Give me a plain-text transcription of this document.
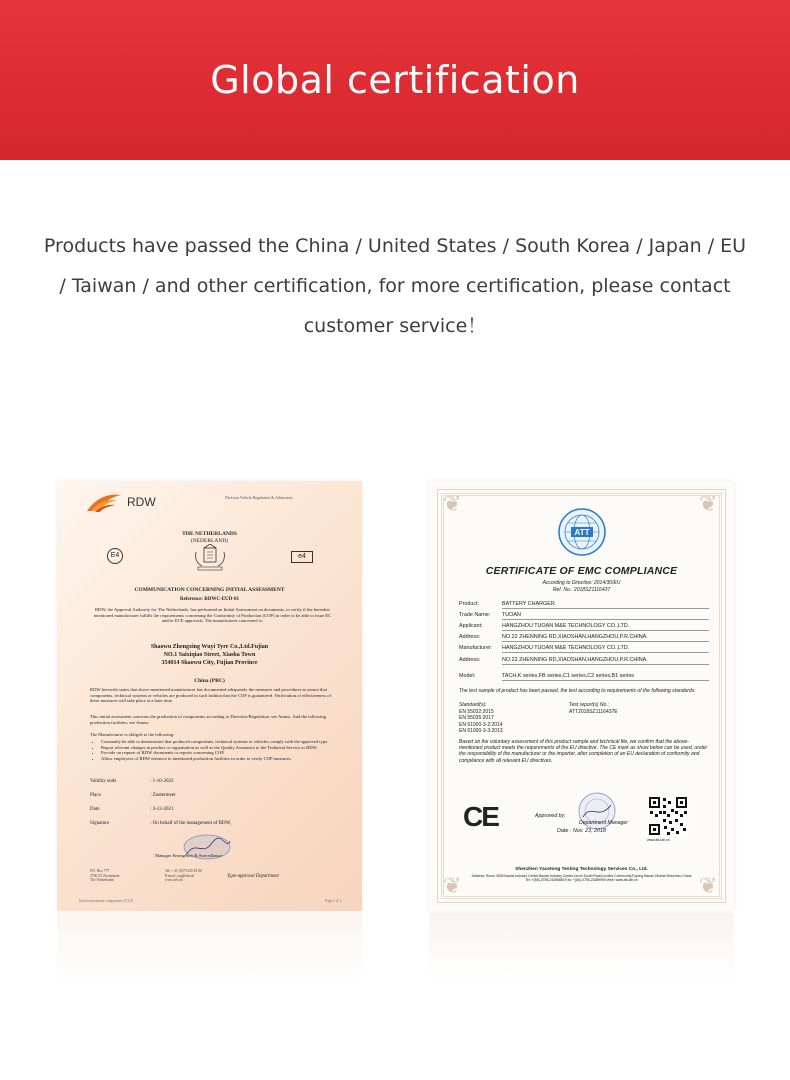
Global certification
Products have passed the China / United States / South Korea / Japan / EU
/ Taiwan / and other certification, for more certification, please contact
customer service！
RDW	Division Vehicle Regulation & Admission
THE NETHERLANDS
(NEDERLAND)
E4	e4
COMMUNICATION CONCERNING INITIAL ASSESSMENT
Reference: RDWC-EUD-01
RDW, the Approval Authority for The Netherlands, has performed an Initial Assessment on documents, to verify if the hereafter mentioned manufacturer fulfills the requirements concerning the Conformity of Production (COP) in order to be able to issue EC and/or ECE approvals. The manufacturer concerned is:
Shaowu Zhengxing Wuyi Tyre Co.,Ltd.Fujian
NO.1 Saixiqiao Street, Xiasha Town
354014 Shaowu City, Fujian Province
China (PRC)
RDW herewith states that above mentioned manufacturer has documented adequately the measures and procedures to assure that components, technical systems or vehicles are produced in such fashion that the COP is guaranteed. Verification of effectiveness of these measures will take place at a later time.
This initial assessment concerns the production of components according to Directive/Regulation: see Annex. And the following production facilities: see Annex.
The Manufacturer is obliged to the following:
• Constantly be able to demonstrate that produced components, technical systems or vehicles comply with the approved type.
• Report relevant changes in product or organisation as well as the Quality Assurance to the Technical Service or RDW.
• Provide on request of RDW documents or reports concerning COP.
• Allow employees of RDW entrance to mentioned production facilities in order to verify COP measures.
Validity ends	: 1-10-2022
Place	: Zoetermeer
Date	: 3-12-2021
Signature	: On behalf of the management of RDW,
Manager Emergence & Surveillance
P.O. Box 777
2700 AT Zoetermeer
The Netherlands
Tel. + 31 (0)79 345 81 00
E-mail: cop@rdw.nl
www.rdw.nl
Type-approval Department
Initial assessment components (V2.0)	Page 1 of 1
❦	❦
❦	❦
ATT
CERTIFICATE OF EMC COMPLIANCE
According to Directive: 2014/30/EU
Ref. No.: 2018SZ1116437
Product:	BATTERY CHARGER
Trade Name:	TUOAN
Applicant:	HANGZHOU TUOAN M&E TECHNOLOGY CO.,LTD.
Address:	NO.22 ZHENNING RD,XIAOSHAN,HANGZHOU,P.R.CHINA.
Manufacturer:	HANGZHOU TUOAN M&E TECHNOLOGY CO.,LTD.
Address:	NO.22 ZHENNING RD,XIAOSHAN,HANGZHOU,P.R.CHINA.
Model:	TACH,K series,FB series,C1 series,C2 series,B1 series
The test sample of product has been passed, the test according to requirements of the following standards:
Standard(s):
EN 55032:2015
EN 55035:2017
EN 61000-3-2:2014
EN 61000-3-3:2013
Test report(s) No.:
ATT2018SZ1116437E
Based on the voluntary assessment of this product sample and technical file, we confirm that the above-mentioned product meets the requirements of the EU directive. The CE mark as show below can be used, under the responsibility of the manufacturer or the importer, after completion of an EU declaration of conformity and compliance with all relevant EU directives.
CE	Approved by:
Department Manager
Date : Nov. 23, 2018
www.att-lab.cn
Shenzhen Yacetong Testing Technology Services Co., Ltd.
Address: Room 3505 Baoda Industry Center,Baoda Industry Center,Liuxin South Road,Liuxiha Community,Fuyong Baoan District,Shenzhen,China
Tel: +(86)-0755-23288883 Fax: +(86)-0755-23289990 Web: www.att-lab.cn
